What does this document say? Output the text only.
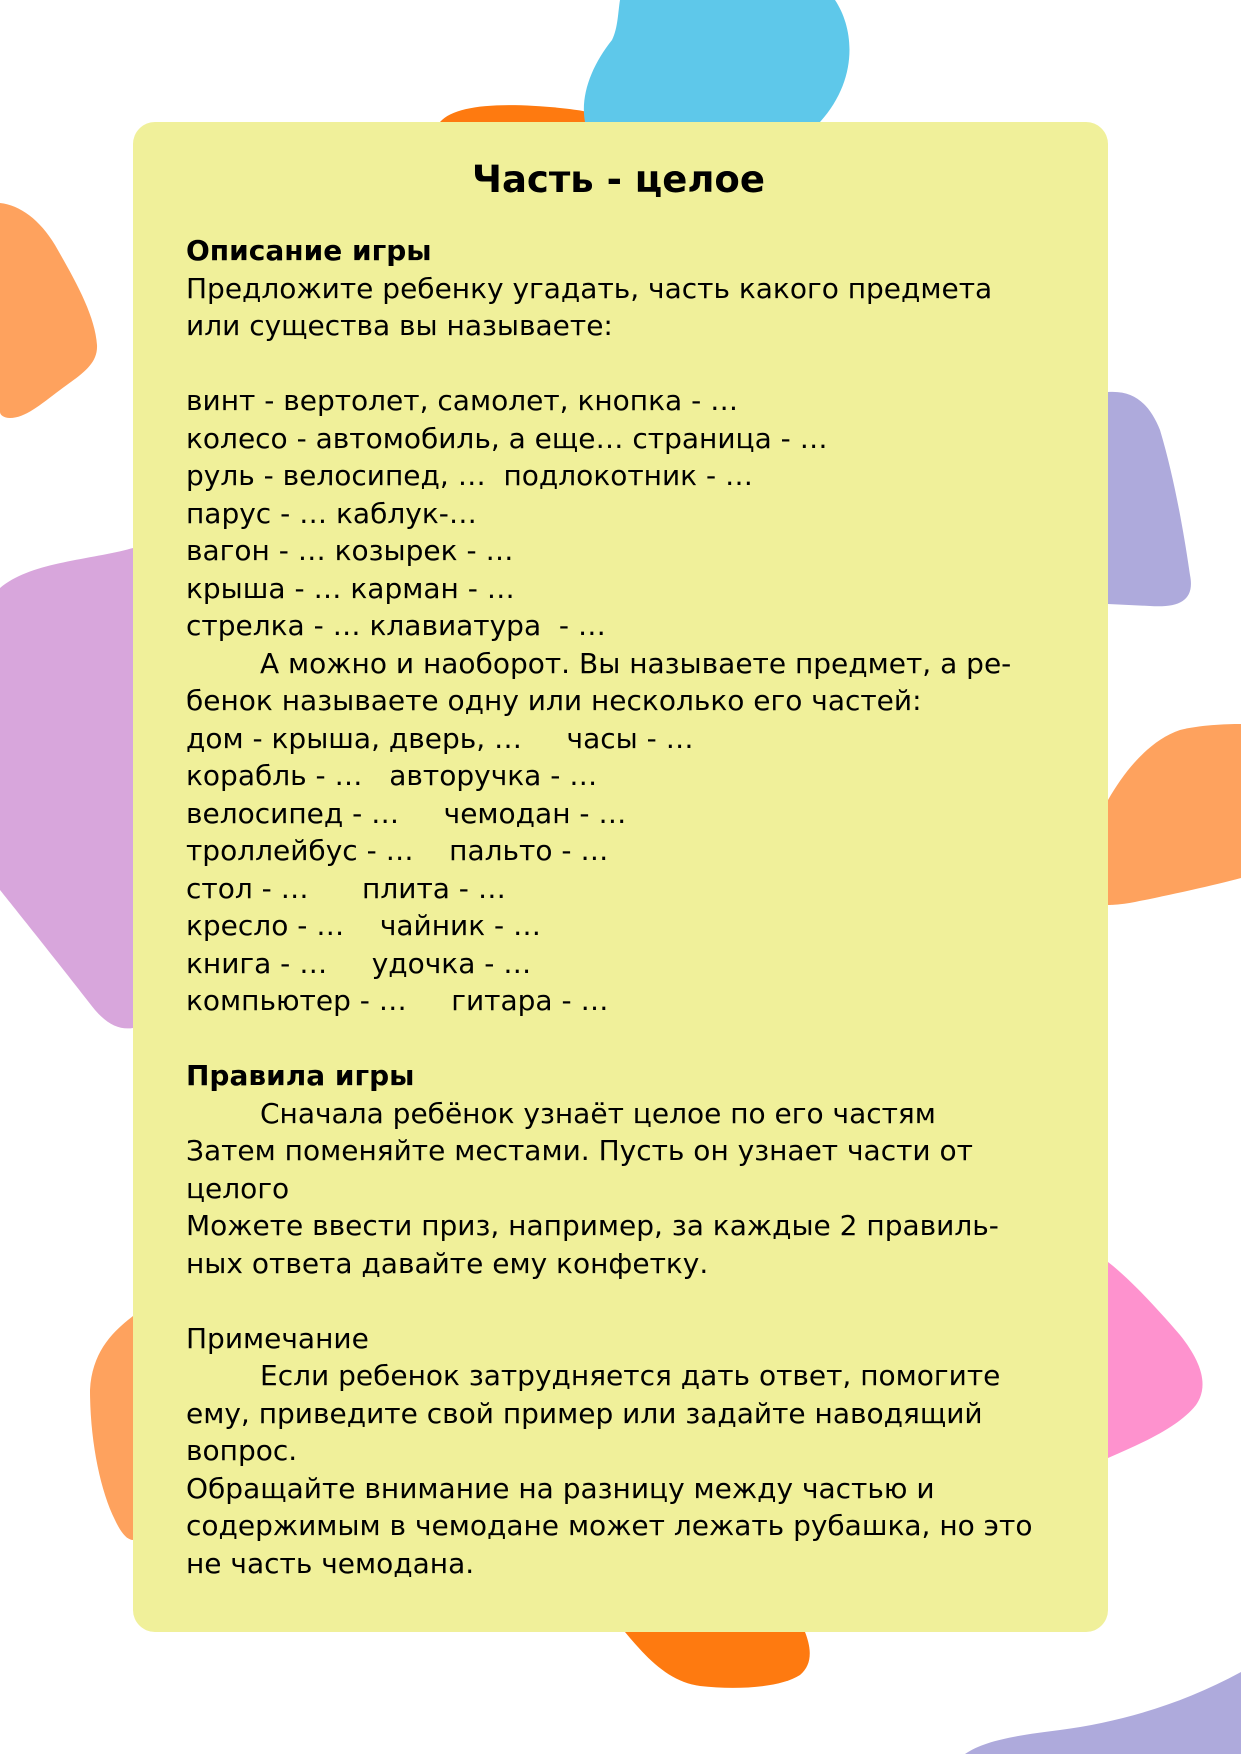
Часть - целое
Описание игры
Предложите ребенку угадать, часть какого предмета
или существа вы называете:
винт - вертолет, самолет, кнопка - …
колесо - автомобиль, а еще… страница - …
руль - велосипед, …  подлокотник - …
парус - … каблук-…
вагон - … козырек - …
крыша - … карман - …
стрелка - … клавиатура  - …
А можно и наоборот. Вы называете предмет, а ре-
бенок называете одну или несколько его частей:
дом - крыша, дверь, …     часы - …
корабль - …   авторучка - …
велосипед - …     чемодан - …
троллейбус - …    пальто - …
стол - …      плита - …
кресло - …    чайник - …
книга - …     удочка - …
компьютер - …     гитара - …
Правила игры
Сначала ребёнок узнаёт целое по его частям
Затем поменяйте местами. Пусть он узнает части от
целого
Можете ввести приз, например, за каждые 2 правиль-
ных ответа давайте ему конфетку.
Примечание
Если ребенок затрудняется дать ответ, помогите
ему, приведите свой пример или задайте наводящий
вопрос.
Обращайте внимание на разницу между частью и
содержимым в чемодане может лежать рубашка, но это
не часть чемодана.
